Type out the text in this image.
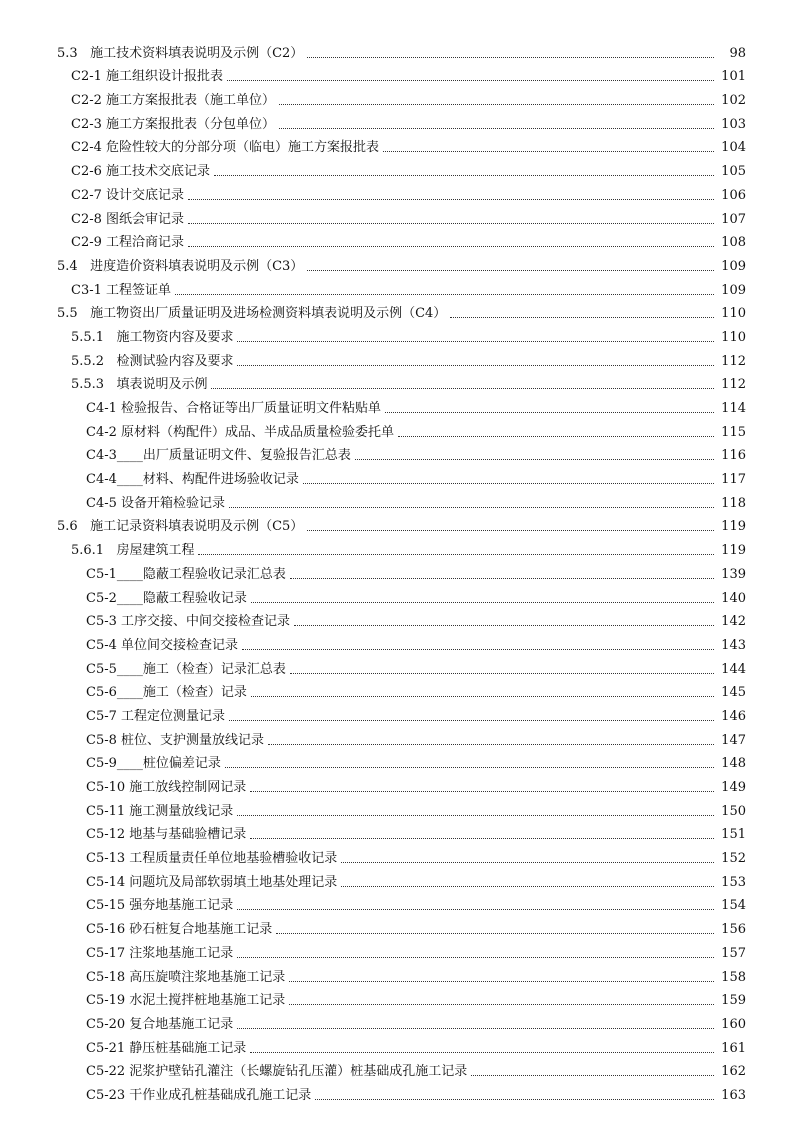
5.3   施工技术资料填表说明及示例（C2）	98
C2-1 施工组织设计报批表	101
C2-2 施工方案报批表（施工单位）	102
C2-3 施工方案报批表（分包单位）	103
C2-4 危险性较大的分部分项（临电）施工方案报批表	104
C2-6 施工技术交底记录	105
C2-7 设计交底记录	106
C2-8 图纸会审记录	107
C2-9 工程洽商记录	108
5.4   进度造价资料填表说明及示例（C3）	109
C3-1 工程签证单	109
5.5   施工物资出厂质量证明及进场检测资料填表说明及示例（C4）	110
5.5.1   施工物资内容及要求	110
5.5.2   检测试验内容及要求	112
5.5.3   填表说明及示例	112
C4-1 检验报告、合格证等出厂质量证明文件粘贴单	114
C4-2 原材料（构配件）成品、半成品质量检验委托单	115
C4-3____出厂质量证明文件、复验报告汇总表	116
C4-4____材料、构配件进场验收记录	117
C4-5 设备开箱检验记录	118
5.6   施工记录资料填表说明及示例（C5）	119
5.6.1   房屋建筑工程	119
C5-1____隐蔽工程验收记录汇总表	139
C5-2____隐蔽工程验收记录	140
C5-3 工序交接、中间交接检查记录	142
C5-4 单位间交接检查记录	143
C5-5____施工（检查）记录汇总表	144
C5-6____施工（检查）记录	145
C5-7 工程定位测量记录	146
C5-8 桩位、支护测量放线记录	147
C5-9____桩位偏差记录	148
C5-10 施工放线控制网记录	149
C5-11 施工测量放线记录	150
C5-12 地基与基础验槽记录	151
C5-13 工程质量责任单位地基验槽验收记录	152
C5-14 问题坑及局部软弱填土地基处理记录	153
C5-15 强夯地基施工记录	154
C5-16 砂石桩复合地基施工记录	156
C5-17 注浆地基施工记录	157
C5-18 高压旋喷注浆地基施工记录	158
C5-19 水泥土搅拌桩地基施工记录	159
C5-20 复合地基施工记录	160
C5-21 静压桩基础施工记录	161
C5-22 泥浆护壁钻孔灌注（长螺旋钻孔压灌）桩基础成孔施工记录	162
C5-23 干作业成孔桩基础成孔施工记录	163
